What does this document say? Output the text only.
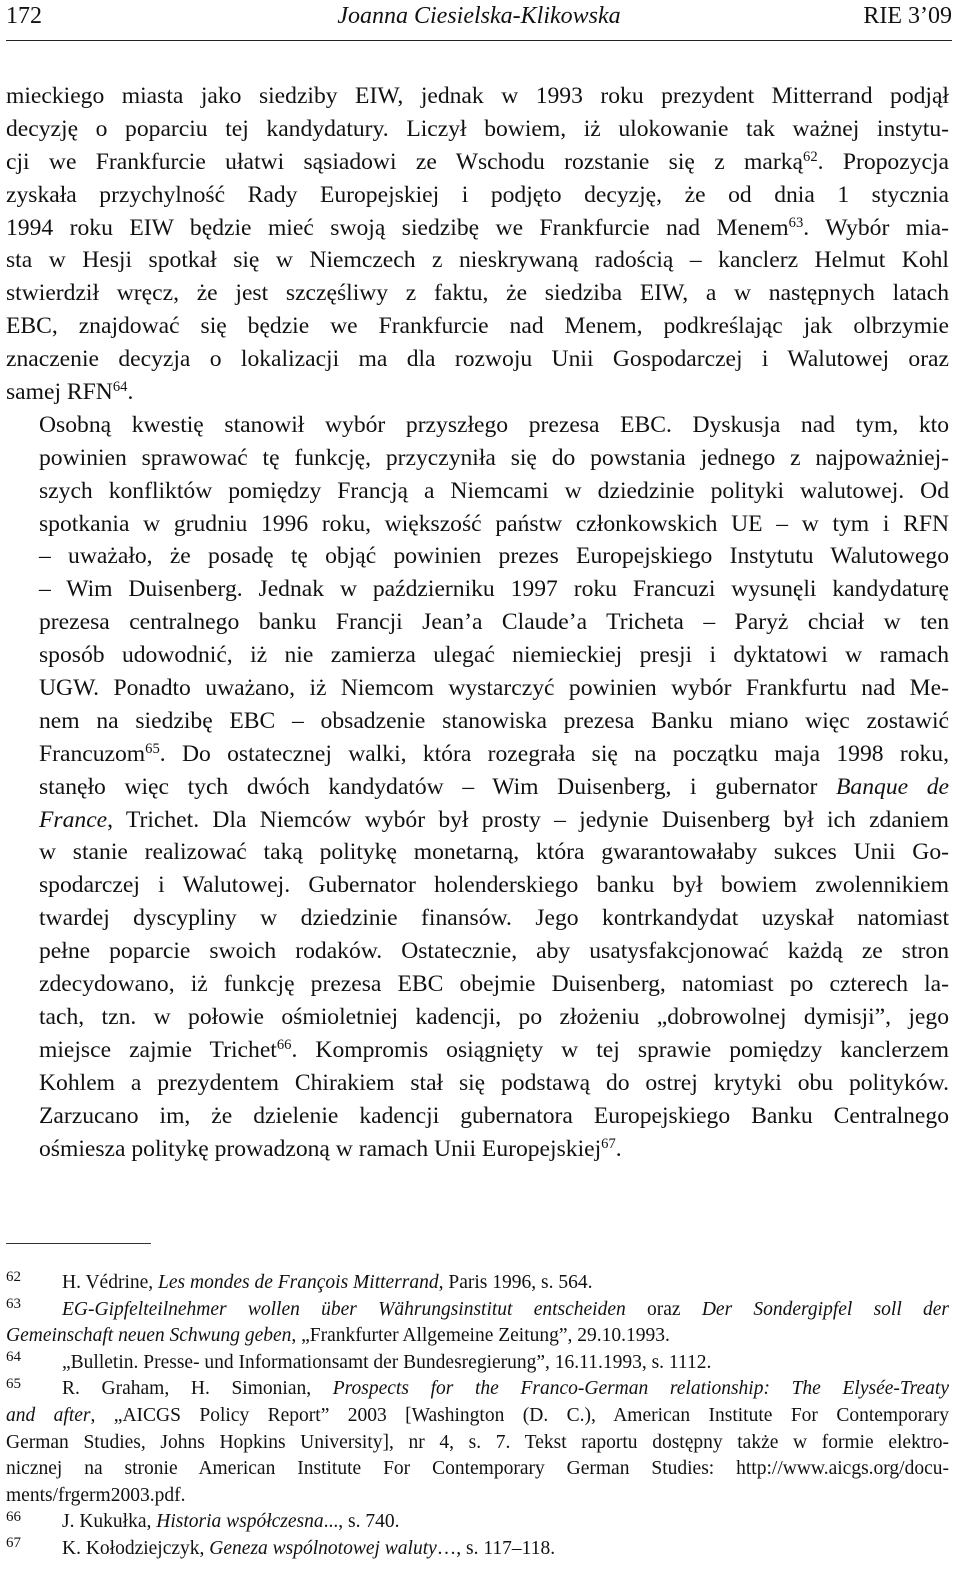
172	Joanna Ciesielska-Klikowska	RIE 3’09

mieckiego miasta jako siedziby EIW, jednak w 1993 roku prezydent Mitterrand podjął
decyzję o poparciu tej kandydatury. Liczył bowiem, iż ulokowanie tak ważnej instytu-
cji we Frankfurcie ułatwi sąsiadowi ze Wschodu rozstanie się z marką$^{62}$. Propozycja
zyskała przychylność Rady Europejskiej i podjęto decyzję, że od dnia 1 stycznia
1994 roku EIW będzie mieć swoją siedzibę we Frankfurcie nad Menem$^{63}$. Wybór mia-
sta w Hesji spotkał się w Niemczech z nieskrywaną radością – kanclerz Helmut Kohl
stwierdził wręcz, że jest szczęśliwy z faktu, że siedziba EIW, a w następnych latach
EBC, znajdować się będzie we Frankfurcie nad Menem, podkreślając jak olbrzymie
znaczenie decyzja o lokalizacji ma dla rozwoju Unii Gospodarczej i Walutowej oraz
samej RFN$^{64}$.

Osobną kwestię stanowił wybór przyszłego prezesa EBC. Dyskusja nad tym, kto
powinien sprawować tę funkcję, przyczyniła się do powstania jednego z najpoważniej-
szych konfliktów pomiędzy Francją a Niemcami w dziedzinie polityki walutowej. Od
spotkania w grudniu 1996 roku, większość państw członkowskich UE – w tym i RFN
– uważało, że posadę tę objąć powinien prezes Europejskiego Instytutu Walutowego
– Wim Duisenberg. Jednak w październiku 1997 roku Francuzi wysunęli kandydaturę
prezesa centralnego banku Francji Jean’a Claude’a Tricheta – Paryż chciał w ten
sposób udowodnić, iż nie zamierza ulegać niemieckiej presji i dyktatowi w ramach
UGW. Ponadto uważano, iż Niemcom wystarczyć powinien wybór Frankfurtu nad Me-
nem na siedzibę EBC – obsadzenie stanowiska prezesa Banku miano więc zostawić
Francuzom$^{65}$. Do ostatecznej walki, która rozegrała się na początku maja 1998 roku,
stanęło więc tych dwóch kandydatów – Wim Duisenberg, i gubernator Banque de
France, Trichet. Dla Niemców wybór był prosty – jedynie Duisenberg był ich zdaniem
w stanie realizować taką politykę monetarną, która gwarantowałaby sukces Unii Go-
spodarczej i Walutowej. Gubernator holenderskiego banku był bowiem zwolennikiem
twardej dyscypliny w dziedzinie finansów. Jego kontrkandydat uzyskał natomiast
pełne poparcie swoich rodaków. Ostatecznie, aby usatysfakcjonować każdą ze stron
zdecydowano, iż funkcję prezesa EBC obejmie Duisenberg, natomiast po czterech la-
tach, tzn. w połowie ośmioletniej kadencji, po złożeniu „dobrowolnej dymisji”, jego
miejsce zajmie Trichet$^{66}$. Kompromis osiągnięty w tej sprawie pomiędzy kanclerzem
Kohlem a prezydentem Chirakiem stał się podstawą do ostrej krytyki obu polityków.
Zarzucano im, że dzielenie kadencji gubernatora Europejskiego Banku Centralnego
ośmiesza politykę prowadzoną w ramach Unii Europejskiej$^{67}$.

62 H. Védrine, Les mondes de François Mitterrand, Paris 1996, s. 564.
63 EG-Gipfelteilnehmer wollen über Währungsinstitut entscheiden oraz Der Sondergipfel soll der
Gemeinschaft neuen Schwung geben, „Frankfurter Allgemeine Zeitung”, 29.10.1993.
64 „Bulletin. Presse- und Informationsamt der Bundesregierung”, 16.11.1993, s. 1112.
65 R. Graham, H. Simonian, Prospects for the Franco-German relationship: The Elysée-Treaty
and after, „AICGS Policy Report” 2003 [Washington (D. C.), American Institute For Contemporary
German Studies, Johns Hopkins University], nr 4, s. 7. Tekst raportu dostępny także w formie elektro-
nicznej na stronie American Institute For Contemporary German Studies: http://www.aicgs.org/docu-
ments/frgerm2003.pdf.
66 J. Kukułka, Historia współczesna..., s. 740.
67 K. Kołodziejczyk, Geneza wspólnotowej waluty…, s. 117–118.
